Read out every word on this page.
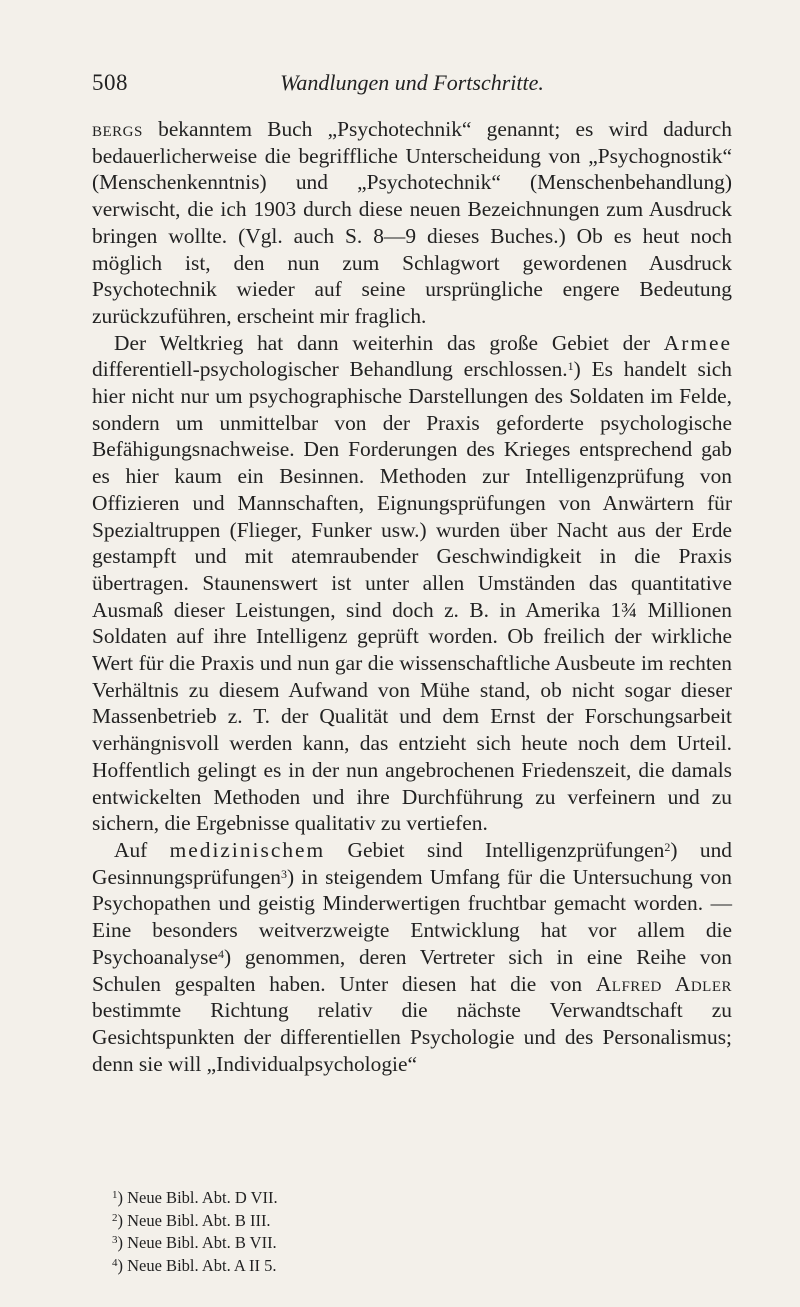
508	Wandlungen und Fortschritte.

bergs bekanntem Buch „Psychotechnik“ genannt; es wird dadurch bedauerlicherweise die begriffliche Unterscheidung von „Psychognostik“ (Menschenkenntnis) und „Psychotechnik“ (Menschenbehandlung) verwischt, die ich 1903 durch diese neuen Bezeichnungen zum Ausdruck bringen wollte. (Vgl. auch S. 8—9 dieses Buches.) Ob es heut noch möglich ist, den nun zum Schlagwort gewordenen Ausdruck Psychotechnik wieder auf seine ursprüngliche engere Bedeutung zurückzuführen, erscheint mir fraglich.

Der Weltkrieg hat dann weiterhin das große Gebiet der Armee differentiell-psychologischer Behandlung erschlossen.$^1$) Es handelt sich hier nicht nur um psychographische Darstellungen des Soldaten im Felde, sondern um unmittelbar von der Praxis geforderte psychologische Befähigungsnachweise. Den Forderungen des Krieges entsprechend gab es hier kaum ein Besinnen. Methoden zur Intelligenzprüfung von Offizieren und Mannschaften, Eignungsprüfungen von Anwärtern für Spezialtruppen (Flieger, Funker usw.) wurden über Nacht aus der Erde gestampft und mit atemraubender Geschwindigkeit in die Praxis übertragen. Staunenswert ist unter allen Umständen das quantitative Ausmaß dieser Leistungen, sind doch z. B. in Amerika 1¾ Millionen Soldaten auf ihre Intelligenz geprüft worden. Ob freilich der wirkliche Wert für die Praxis und nun gar die wissenschaftliche Ausbeute im rechten Verhältnis zu diesem Aufwand von Mühe stand, ob nicht sogar dieser Massenbetrieb z. T. der Qualität und dem Ernst der Forschungsarbeit verhängnisvoll werden kann, das entzieht sich heute noch dem Urteil. Hoffentlich gelingt es in der nun angebrochenen Friedenszeit, die damals entwickelten Methoden und ihre Durchführung zu verfeinern und zu sichern, die Ergebnisse qualitativ zu vertiefen.

Auf medizinischem Gebiet sind Intelligenzprüfungen$^2$) und Gesinnungsprüfungen$^3$) in steigendem Umfang für die Untersuchung von Psychopathen und geistig Minderwertigen fruchtbar gemacht worden. — Eine besonders weitverzweigte Entwicklung hat vor allem die Psychoanalyse$^4$) genommen, deren Vertreter sich in eine Reihe von Schulen gespalten haben. Unter diesen hat die von Alfred Adler bestimmte Richtung relativ die nächste Verwandtschaft zu Gesichtspunkten der differentiellen Psychologie und des Personalismus; denn sie will „Individualpsychologie“

$^1$) Neue Bibl. Abt. D VII.
$^2$) Neue Bibl. Abt. B III.
$^3$) Neue Bibl. Abt. B VII.
$^4$) Neue Bibl. Abt. A II 5.
